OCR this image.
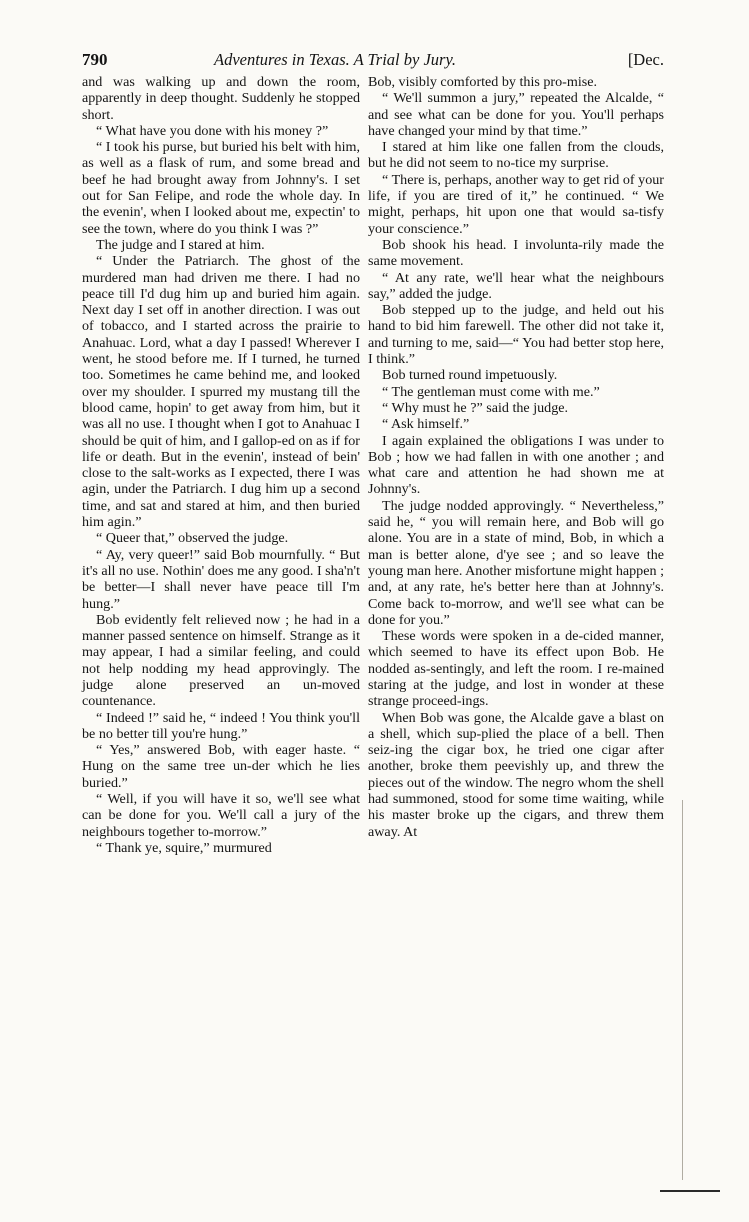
790	Adventures in Texas. A Trial by Jury.	[Dec.

and was walking up and down the room, apparently in deep thought. Suddenly he stopped short.

“ What have you done with his money ?”

“ I took his purse, but buried his belt with him, as well as a flask of rum, and some bread and beef he had brought away from Johnny's. I set out for San Felipe, and rode the whole day. In the evenin', when I looked about me, expectin' to see the town, where do you think I was ?”

The judge and I stared at him.

“ Under the Patriarch. The ghost of the murdered man had driven me there. I had no peace till I'd dug him up and buried him again. Next day I set off in another direction. I was out of tobacco, and I started across the prairie to Anahuac. Lord, what a day I passed! Wherever I went, he stood before me. If I turned, he turned too. Sometimes he came behind me, and looked over my shoulder. I spurred my mustang till the blood came, hopin' to get away from him, but it was all no use. I thought when I got to Anahuac I should be quit of him, and I gallop-ed on as if for life or death. But in the evenin', instead of bein' close to the salt-works as I expected, there I was agin, under the Patriarch. I dug him up a second time, and sat and stared at him, and then buried him agin.”

“ Queer that,” observed the judge.

“ Ay, very queer!” said Bob mournfully. “ But it's all no use. Nothin' does me any good. I sha'n't be better—I shall never have peace till I'm hung.”

Bob evidently felt relieved now ; he had in a manner passed sentence on himself. Strange as it may appear, I had a similar feeling, and could not help nodding my head approvingly. The judge alone preserved an un-moved countenance.

“ Indeed !” said he, “ indeed ! You think you'll be no better till you're hung.”

“ Yes,” answered Bob, with eager haste. “ Hung on the same tree un-der which he lies buried.”

“ Well, if you will have it so, we'll see what can be done for you. We'll call a jury of the neighbours together to-morrow.”

“ Thank ye, squire,” murmured

Bob, visibly comforted by this pro-mise.

“ We'll summon a jury,” repeated the Alcalde, “ and see what can be done for you. You'll perhaps have changed your mind by that time.”

I stared at him like one fallen from the clouds, but he did not seem to no-tice my surprise.

“ There is, perhaps, another way to get rid of your life, if you are tired of it,” he continued. “ We might, perhaps, hit upon one that would sa-tisfy your conscience.”

Bob shook his head. I involunta-rily made the same movement.

“ At any rate, we'll hear what the neighbours say,” added the judge.

Bob stepped up to the judge, and held out his hand to bid him farewell. The other did not take it, and turning to me, said—“ You had better stop here, I think.”

Bob turned round impetuously.

“ The gentleman must come with me.”

“ Why must he ?” said the judge.

“ Ask himself.”

I again explained the obligations I was under to Bob ; how we had fallen in with one another ; and what care and attention he had shown me at Johnny's.

The judge nodded approvingly. “ Nevertheless,” said he, “ you will remain here, and Bob will go alone. You are in a state of mind, Bob, in which a man is better alone, d'ye see ; and so leave the young man here. Another misfortune might happen ; and, at any rate, he's better here than at Johnny's. Come back to-morrow, and we'll see what can be done for you.”

These words were spoken in a de-cided manner, which seemed to have its effect upon Bob. He nodded as-sentingly, and left the room. I re-mained staring at the judge, and lost in wonder at these strange proceed-ings.

When Bob was gone, the Alcalde gave a blast on a shell, which sup-plied the place of a bell. Then seiz-ing the cigar box, he tried one cigar after another, broke them peevishly up, and threw the pieces out of the window. The negro whom the shell had summoned, stood for some time waiting, while his master broke up the cigars, and threw them away. At
